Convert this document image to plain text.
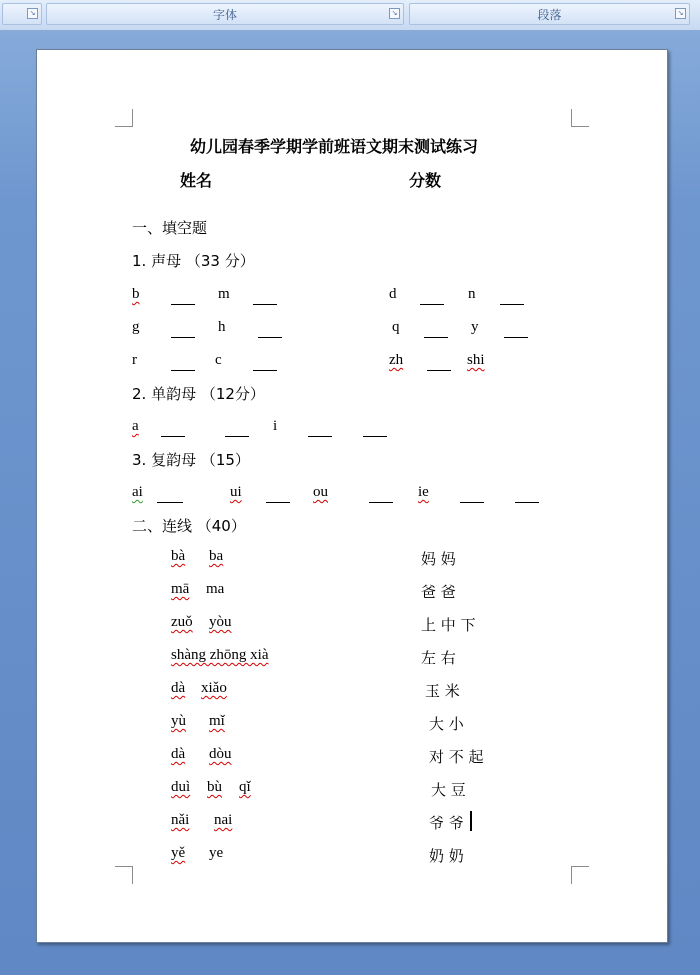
↘	字体	↘	段落	↘
幼儿园春季学期学前班语文期末测试练习
姓名	分数
一、填空题
1. 声母 （33 分）
b	m	d	n
g	h	q	y
r	c	zh	shi
2. 单韵母 （12分）
a	i
3. 复韵母 （15）
ai	ui	ou	ie
二、连线 （40）
bà ba
mā ma
zuǒ yòu
shàng zhōng xià
dà xiǎo
yù mǐ
dà dòu
duì bù qǐ
nǎi nai
yě ye
妈 妈
爸 爸
上 中 下
左 右
玉 米
大 小
对 不 起
大 豆
爷 爷
奶 奶
